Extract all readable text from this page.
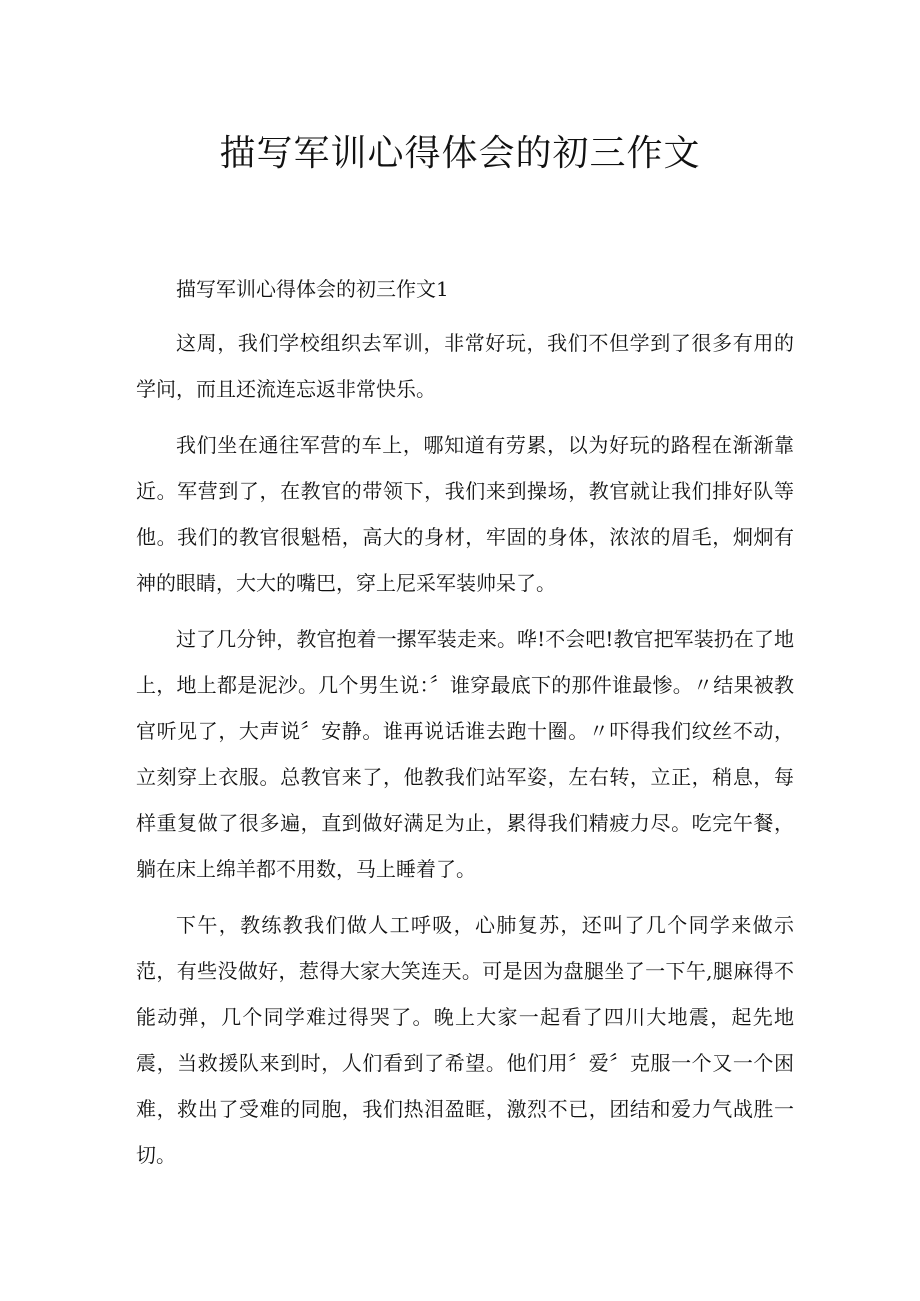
描写军训心得体会的初三作文

描写军训心得体会的初三作文1

这周，我们学校组织去军训，非常好玩，我们不但学到了很多有用的学问，而且还流连忘返非常快乐。

我们坐在通往军营的车上，哪知道有劳累，以为好玩的路程在渐渐靠近。军营到了，在教官的带领下，我们来到操场，教官就让我们排好队等他。我们的教官很魁梧，高大的身材，牢固的身体，浓浓的眉毛，炯炯有神的眼睛，大大的嘴巴，穿上尼采军装帅呆了。

过了几分钟，教官抱着一摞军装走来。哗!不会吧!教官把军装扔在了地上，地上都是泥沙。几个男生说：〞谁穿最底下的那件谁最惨。〃结果被教官听见了，大声说〞安静。谁再说话谁去跑十圈。〃吓得我们纹丝不动，立刻穿上衣服。总教官来了，他教我们站军姿，左右转，立正，稍息，每样重复做了很多遍，直到做好满足为止，累得我们精疲力尽。吃完午餐，躺在床上绵羊都不用数，马上睡着了。

下午，教练教我们做人工呼吸，心肺复苏，还叫了几个同学来做示范，有些没做好，惹得大家大笑连天。可是因为盘腿坐了一下午,腿麻得不能动弹，几个同学难过得哭了。晚上大家一起看了四川大地震，起先地震，当救援队来到时，人们看到了希望。他们用〞爱〞克服一个又一个困难，救出了受难的同胞，我们热泪盈眶，激烈不已，团结和爱力气战胜一切。
